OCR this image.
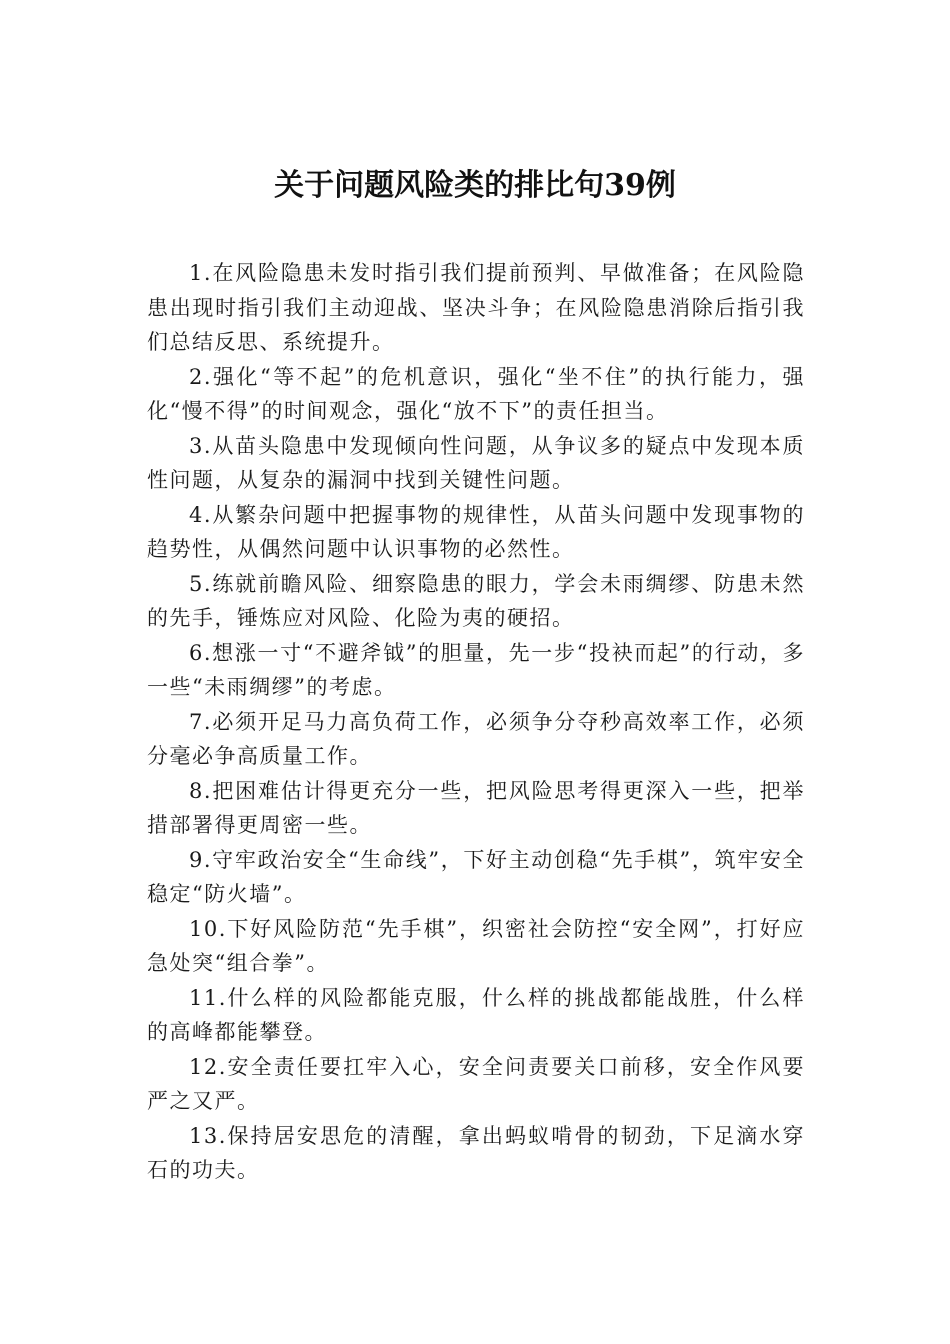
关于问题风险类的排比句39例

1.在风险隐患未发时指引我们提前预判、早做准备；在风险隐患出现时指引我们主动迎战、坚决斗争；在风险隐患消除后指引我们总结反思、系统提升。

2.强化“等不起”的危机意识，强化“坐不住”的执行能力，强化“慢不得”的时间观念，强化“放不下”的责任担当。

3.从苗头隐患中发现倾向性问题，从争议多的疑点中发现本质性问题，从复杂的漏洞中找到关键性问题。

4.从繁杂问题中把握事物的规律性，从苗头问题中发现事物的趋势性，从偶然问题中认识事物的必然性。

5.练就前瞻风险、细察隐患的眼力，学会未雨绸缪、防患未然的先手，锤炼应对风险、化险为夷的硬招。

6.想涨一寸“不避斧钺”的胆量，先一步“投袂而起”的行动，多一些“未雨绸缪”的考虑。

7.必须开足马力高负荷工作，必须争分夺秒高效率工作，必须分毫必争高质量工作。

8.把困难估计得更充分一些，把风险思考得更深入一些，把举措部署得更周密一些。

9.守牢政治安全“生命线”，下好主动创稳“先手棋”，筑牢安全稳定“防火墙”。

10.下好风险防范“先手棋”，织密社会防控“安全网”，打好应急处突“组合拳”。

11.什么样的风险都能克服，什么样的挑战都能战胜，什么样的高峰都能攀登。

12.安全责任要扛牢入心，安全问责要关口前移，安全作风要严之又严。

13.保持居安思危的清醒，拿出蚂蚁啃骨的韧劲，下足滴水穿石的功夫。
